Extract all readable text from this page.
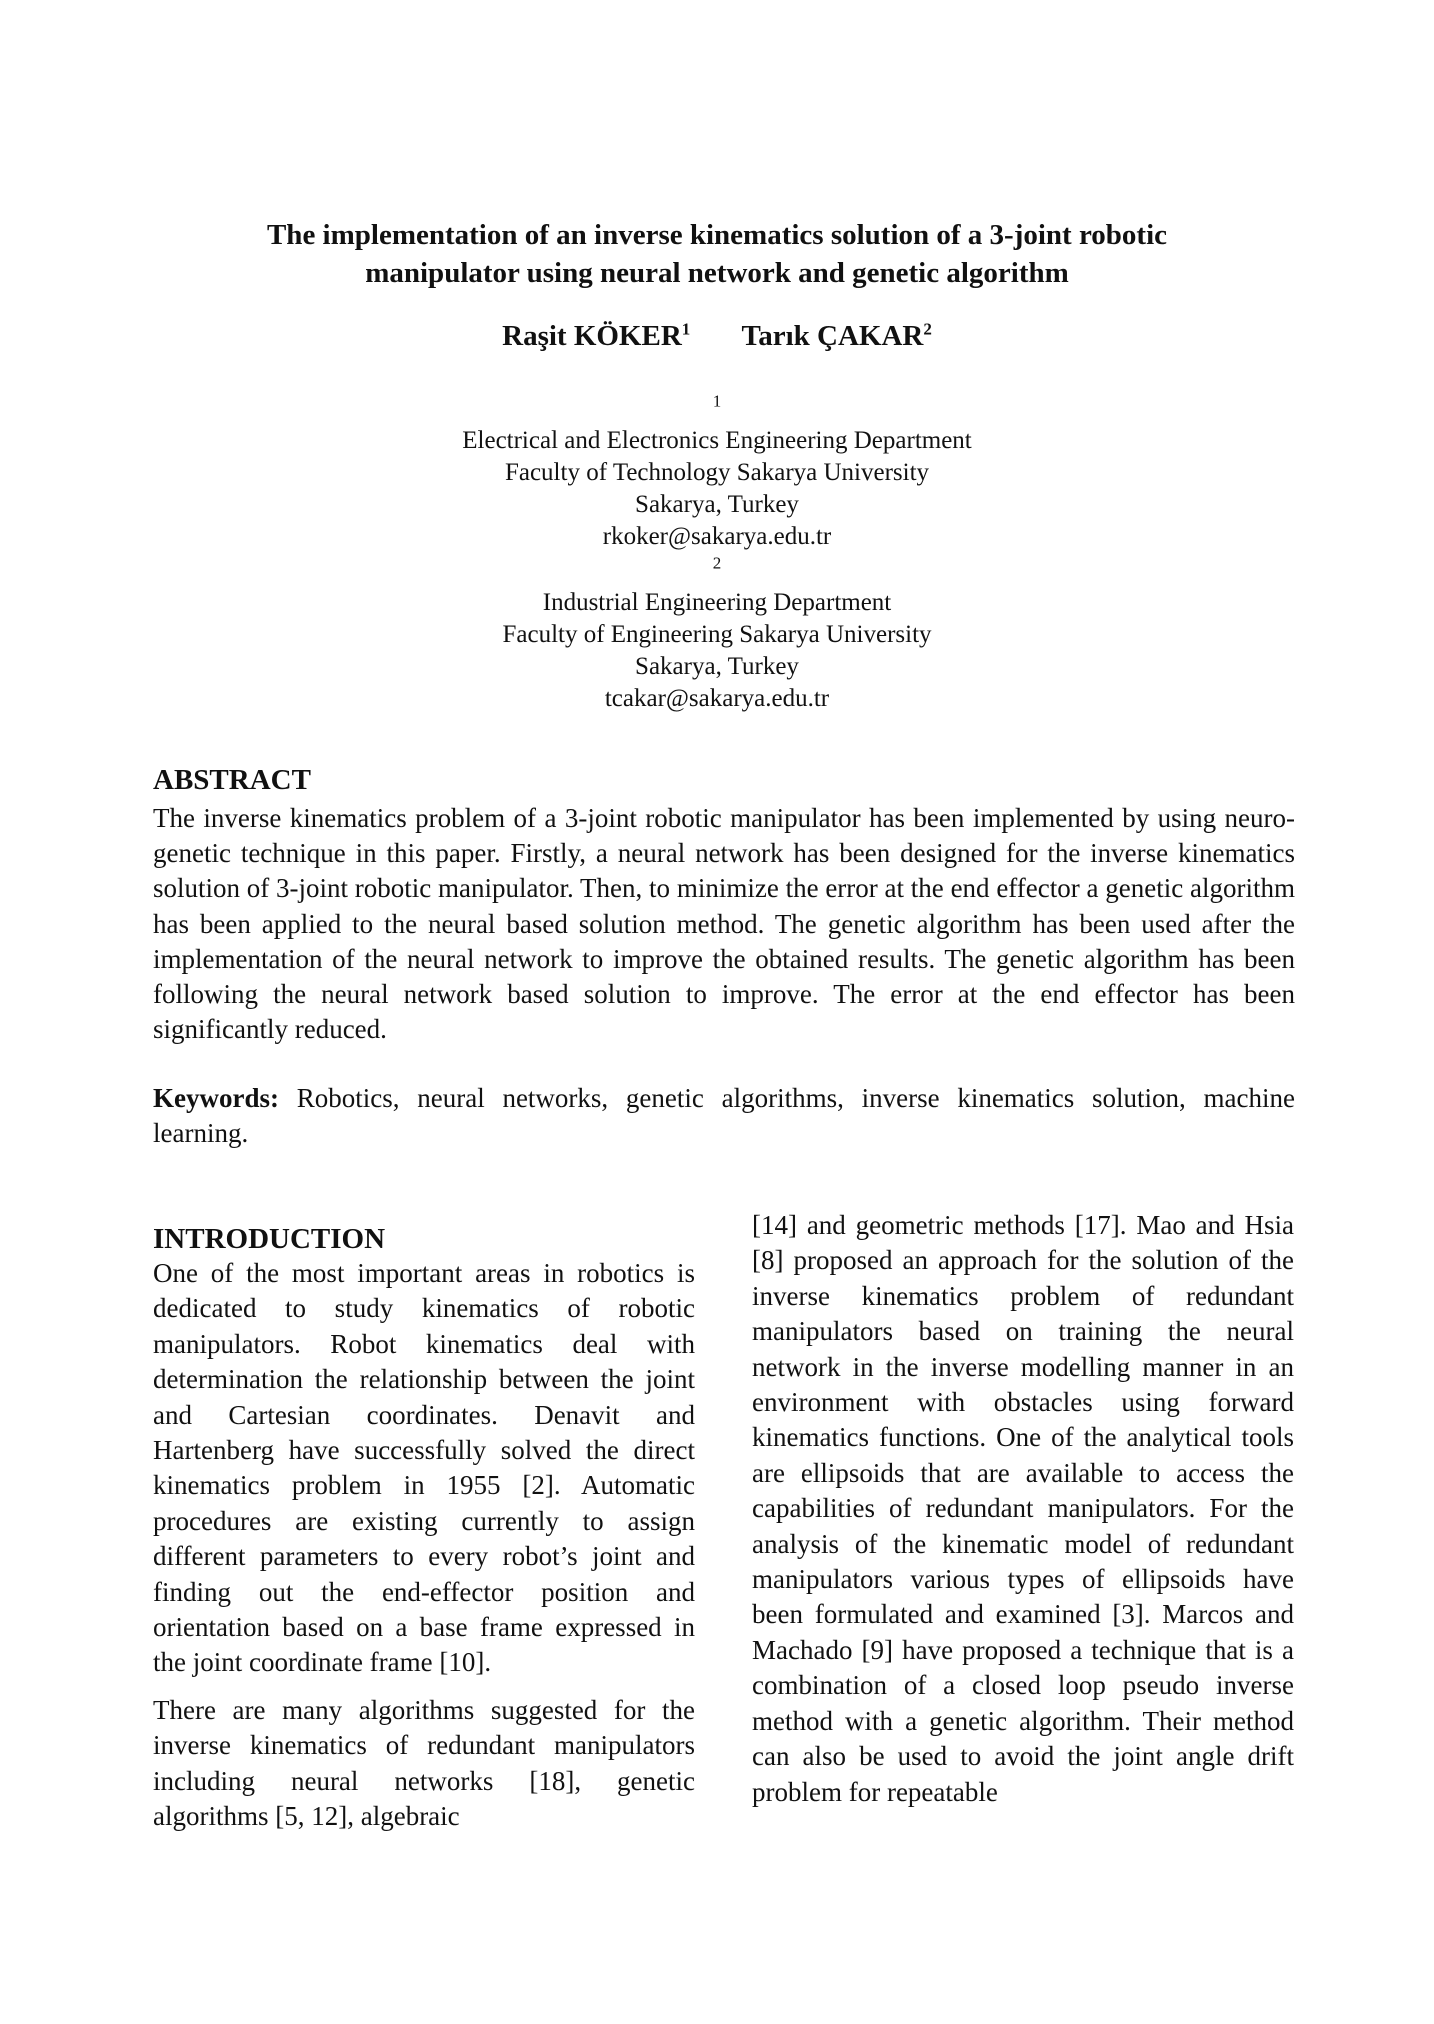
The implementation of an inverse kinematics solution of a 3-joint robotic
manipulator using neural network and genetic algorithm
Raşit KÖKER$^1$ Tarık ÇAKAR$^2$
$^1$
Electrical and Electronics Engineering Department
Faculty of Technology Sakarya University
Sakarya, Turkey
rkoker@sakarya.edu.tr
$^2$
Industrial Engineering Department
Faculty of Engineering Sakarya University
Sakarya, Turkey
tcakar@sakarya.edu.tr
ABSTRACT

The inverse kinematics problem of a 3-joint robotic manipulator has been implemented by using neuro-genetic technique in this paper. Firstly, a neural network has been designed for the inverse kinematics solution of 3-joint robotic manipulator. Then, to minimize the error at the end effector a genetic algorithm has been applied to the neural based solution method. The genetic algorithm has been used after the implementation of the neural network to improve the obtained results. The genetic algorithm has been following the neural network based solution to improve. The error at the end effector has been significantly reduced.

Keywords: Robotics, neural networks, genetic algorithms, inverse kinematics solution, machine learning.

INTRODUCTION

One of the most important areas in robotics is dedicated to study kinematics of robotic manipulators. Robot kinematics deal with determination the relationship between the joint and Cartesian coordinates. Denavit and Hartenberg have successfully solved the direct kinematics problem in 1955 [2]. Automatic procedures are existing currently to assign different parameters to every robot’s joint and finding out the end-effector position and orientation based on a base frame expressed in the joint coordinate frame [10].

There are many algorithms suggested for the inverse kinematics of redundant manipulators including neural networks [18], genetic algorithms [5, 12], algebraic

[14] and geometric methods [17]. Mao and Hsia [8] proposed an approach for the solution of the inverse kinematics problem of redundant manipulators based on training the neural network in the inverse modelling manner in an environment with obstacles using forward kinematics functions. One of the analytical tools are ellipsoids that are available to access the capabilities of redundant manipulators. For the analysis of the kinematic model of redundant manipulators various types of ellipsoids have been formulated and examined [3]. Marcos and Machado [9] have proposed a technique that is a combination of a closed loop pseudo inverse method with a genetic algorithm. Their method can also be used to avoid the joint angle drift problem for repeatable
